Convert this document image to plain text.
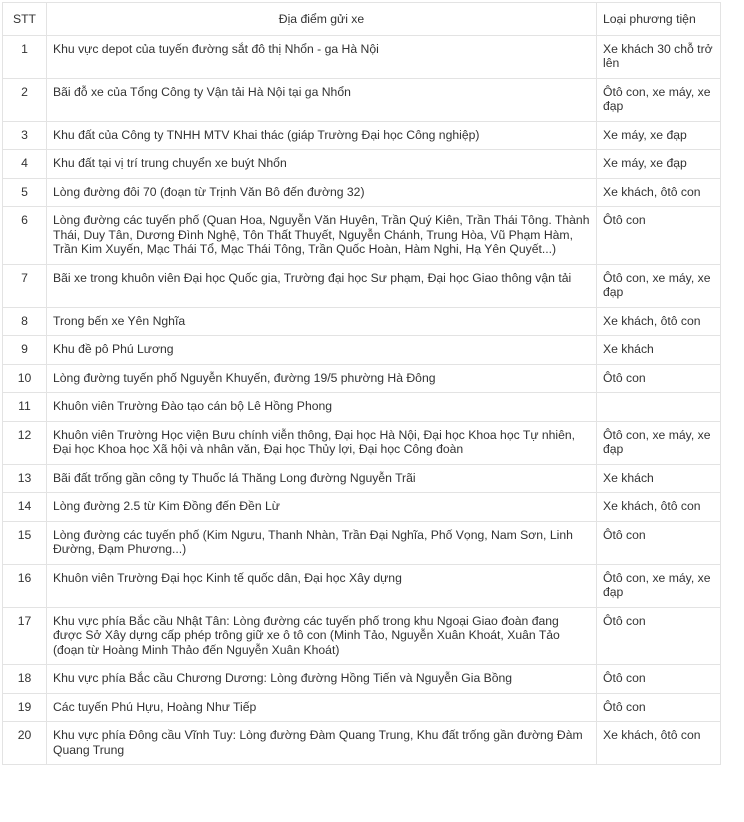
STT	Địa điểm gửi xe	Loại phương tiện
1	Khu vực depot của tuyến đường sắt đô thị Nhổn - ga Hà Nội	Xe khách 30 chỗ trở lên
2	Bãi đỗ xe của Tổng Công ty Vận tải Hà Nội tại ga Nhổn	Ôtô con, xe máy, xe đạp
3	Khu đất của Công ty TNHH MTV Khai thác (giáp Trường Đại học Công nghiệp)	Xe máy, xe đạp
4	Khu đất tại vị trí trung chuyển xe buýt Nhổn	Xe máy, xe đạp
5	Lòng đường đôi 70 (đoạn từ Trịnh Văn Bô đến đường 32)	Xe khách, ôtô con
6	Lòng đường các tuyến phố (Quan Hoa, Nguyễn Văn Huyên, Trần Quý Kiên, Trần Thái Tông. Thành Thái, Duy Tân, Dương Đình Nghệ, Tôn Thất Thuyết, Nguyễn Chánh, Trung Hòa, Vũ Phạm Hàm, Trần Kim Xuyến, Mạc Thái Tổ, Mạc Thái Tông, Trần Quốc Hoàn, Hàm Nghi, Hạ Yên Quyết...)	Ôtô con
7	Bãi xe trong khuôn viên Đại học Quốc gia, Trường đại học Sư phạm, Đại học Giao thông vận tải	Ôtô con, xe máy, xe đạp
8	Trong bến xe Yên Nghĩa	Xe khách, ôtô con
9	Khu đề pô Phú Lương	Xe khách
10	Lòng đường tuyến phố Nguyễn Khuyến, đường 19/5 phường Hà Đông	Ôtô con
11	Khuôn viên Trường Đào tạo cán bộ Lê Hồng Phong	
12	Khuôn viên Trường Học viện Bưu chính viễn thông, Đại học Hà Nội, Đại học Khoa học Tự nhiên, Đại học Khoa học Xã hội và nhân văn, Đại học Thủy lợi, Đại học Công đoàn	Ôtô con, xe máy, xe đạp
13	Bãi đất trống gần công ty Thuốc lá Thăng Long đường Nguyễn Trãi	Xe khách
14	Lòng đường 2.5 từ Kim Đồng đến Đền Lừ	Xe khách, ôtô con
15	Lòng đường các tuyến phố (Kim Ngưu, Thanh Nhàn, Trần Đại Nghĩa, Phố Vọng, Nam Sơn, Linh Đường, Đạm Phương...)	Ôtô con
16	Khuôn viên Trường Đại học Kinh tế quốc dân, Đại học Xây dựng	Ôtô con, xe máy, xe đạp
17	Khu vực phía Bắc cầu Nhật Tân: Lòng đường các tuyến phố trong khu Ngoại Giao đoàn đang được Sở Xây dựng cấp phép trông giữ xe ô tô con (Minh Tảo, Nguyễn Xuân Khoát, Xuân Tảo (đoạn từ Hoàng Minh Thảo đến Nguyễn Xuân Khoát)	Ôtô con
18	Khu vực phía Bắc cầu Chương Dương: Lòng đường Hồng Tiến và Nguyễn Gia Bồng	Ôtô con
19	Các tuyến Phú Hựu, Hoàng Như Tiếp	Ôtô con
20	Khu vực phía Đông cầu Vĩnh Tuy: Lòng đường Đàm Quang Trung, Khu đất trống gần đường Đàm Quang Trung	Xe khách, ôtô con
